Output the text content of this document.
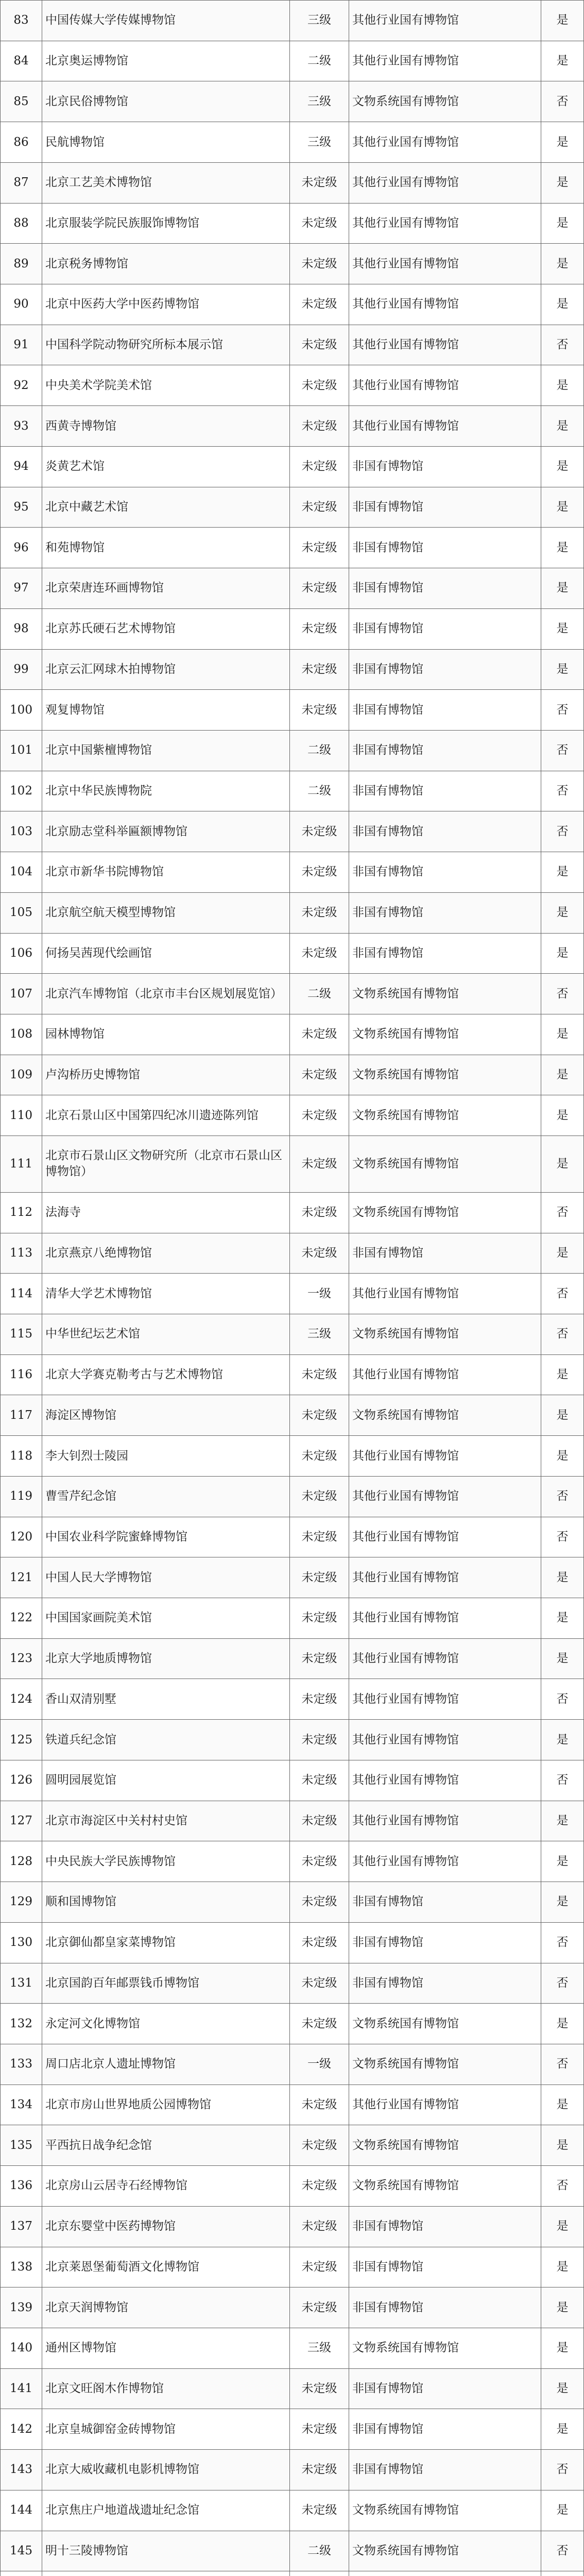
83	中国传媒大学传媒博物馆	三级	其他行业国有博物馆	是
84	北京奥运博物馆	二级	其他行业国有博物馆	是
85	北京民俗博物馆	三级	文物系统国有博物馆	否
86	民航博物馆	三级	其他行业国有博物馆	是
87	北京工艺美术博物馆	未定级	其他行业国有博物馆	是
88	北京服装学院民族服饰博物馆	未定级	其他行业国有博物馆	是
89	北京税务博物馆	未定级	其他行业国有博物馆	是
90	北京中医药大学中医药博物馆	未定级	其他行业国有博物馆	是
91	中国科学院动物研究所标本展示馆	未定级	其他行业国有博物馆	否
92	中央美术学院美术馆	未定级	其他行业国有博物馆	是
93	西黄寺博物馆	未定级	其他行业国有博物馆	是
94	炎黄艺术馆	未定级	非国有博物馆	是
95	北京中藏艺术馆	未定级	非国有博物馆	是
96	和苑博物馆	未定级	非国有博物馆	是
97	北京荣唐连环画博物馆	未定级	非国有博物馆	是
98	北京苏氏硬石艺术博物馆	未定级	非国有博物馆	是
99	北京云汇网球木拍博物馆	未定级	非国有博物馆	是
100	观复博物馆	未定级	非国有博物馆	否
101	北京中国紫檀博物馆	二级	非国有博物馆	否
102	北京中华民族博物院	二级	非国有博物馆	否
103	北京励志堂科举匾额博物馆	未定级	非国有博物馆	否
104	北京市新华书院博物馆	未定级	非国有博物馆	是
105	北京航空航天模型博物馆	未定级	非国有博物馆	是
106	何扬吴茜现代绘画馆	未定级	非国有博物馆	是
107	北京汽车博物馆（北京市丰台区规划展览馆）	二级	文物系统国有博物馆	否
108	园林博物馆	未定级	文物系统国有博物馆	是
109	卢沟桥历史博物馆	未定级	文物系统国有博物馆	是
110	北京石景山区中国第四纪冰川遗迹陈列馆	未定级	文物系统国有博物馆	是
111	北京市石景山区文物研究所（北京市石景山区博物馆）	未定级	文物系统国有博物馆	是
112	法海寺	未定级	文物系统国有博物馆	否
113	北京燕京八绝博物馆	未定级	非国有博物馆	是
114	清华大学艺术博物馆	一级	其他行业国有博物馆	否
115	中华世纪坛艺术馆	三级	文物系统国有博物馆	否
116	北京大学赛克勒考古与艺术博物馆	未定级	其他行业国有博物馆	是
117	海淀区博物馆	未定级	文物系统国有博物馆	是
118	李大钊烈士陵园	未定级	其他行业国有博物馆	是
119	曹雪芹纪念馆	未定级	其他行业国有博物馆	否
120	中国农业科学院蜜蜂博物馆	未定级	其他行业国有博物馆	否
121	中国人民大学博物馆	未定级	其他行业国有博物馆	是
122	中国国家画院美术馆	未定级	其他行业国有博物馆	是
123	北京大学地质博物馆	未定级	其他行业国有博物馆	是
124	香山双清别墅	未定级	其他行业国有博物馆	否
125	铁道兵纪念馆	未定级	其他行业国有博物馆	是
126	圆明园展览馆	未定级	其他行业国有博物馆	否
127	北京市海淀区中关村村史馆	未定级	其他行业国有博物馆	是
128	中央民族大学民族博物馆	未定级	其他行业国有博物馆	是
129	顺和国博物馆	未定级	非国有博物馆	是
130	北京御仙都皇家菜博物馆	未定级	非国有博物馆	否
131	北京国韵百年邮票钱币博物馆	未定级	非国有博物馆	否
132	永定河文化博物馆	未定级	文物系统国有博物馆	是
133	周口店北京人遗址博物馆	一级	文物系统国有博物馆	否
134	北京市房山世界地质公园博物馆	未定级	其他行业国有博物馆	是
135	平西抗日战争纪念馆	未定级	文物系统国有博物馆	是
136	北京房山云居寺石经博物馆	未定级	文物系统国有博物馆	否
137	北京东婴堂中医药博物馆	未定级	非国有博物馆	是
138	北京莱恩堡葡萄酒文化博物馆	未定级	非国有博物馆	是
139	北京天润博物馆	未定级	非国有博物馆	是
140	通州区博物馆	三级	文物系统国有博物馆	是
141	北京文旺阁木作博物馆	未定级	非国有博物馆	是
142	北京皇城御窑金砖博物馆	未定级	非国有博物馆	是
143	北京大威收藏机电影机博物馆	未定级	非国有博物馆	否
144	北京焦庄户地道战遗址纪念馆	未定级	文物系统国有博物馆	是
145	明十三陵博物馆	二级	文物系统国有博物馆	否
